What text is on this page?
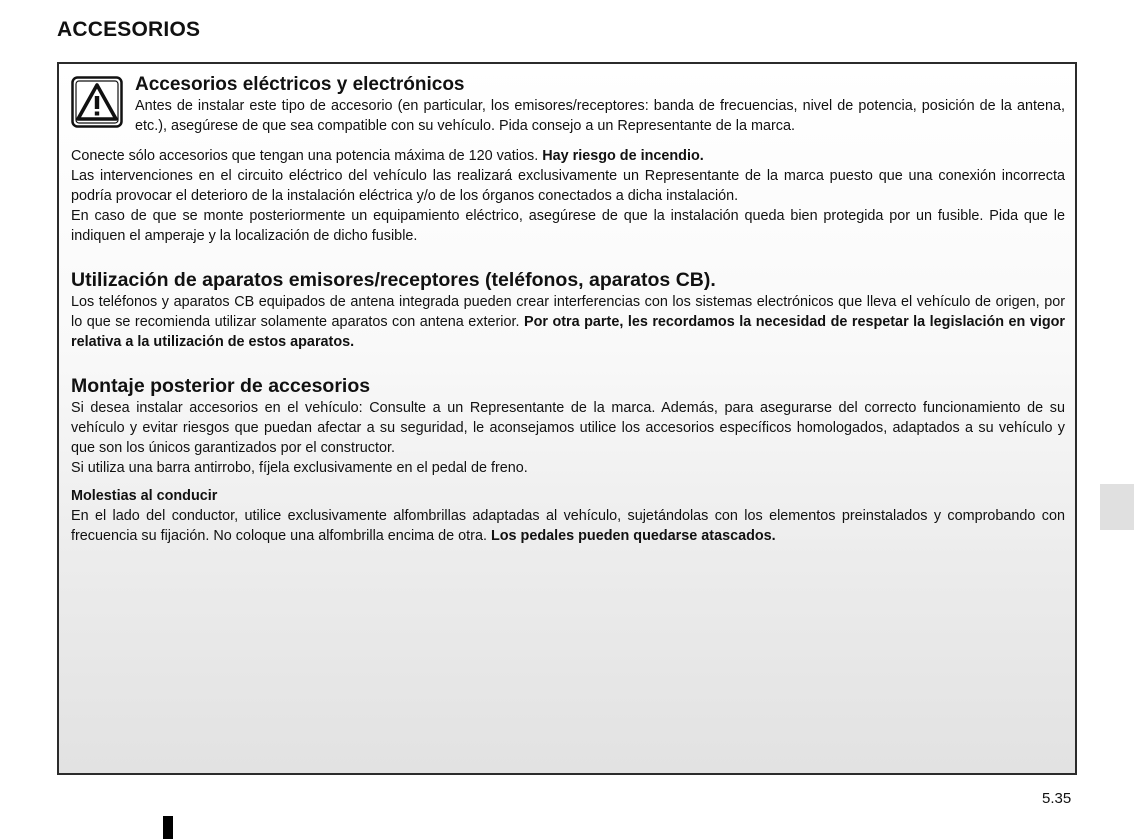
ACCESORIOS

Accesorios eléctricos y electrónicos

Antes de instalar este tipo de accesorio (en particular, los emisores/receptores: banda de frecuencias, nivel de potencia, posición de la antena, etc.), asegúrese de que sea compatible con su vehículo. Pida consejo a un Representante de la marca.

Conecte sólo accesorios que tengan una potencia máxima de 120 vatios. Hay riesgo de incendio.

Las intervenciones en el circuito eléctrico del vehículo las realizará exclusivamente un Representante de la marca puesto que una conexión incorrecta podría provocar el deterioro de la instalación eléctrica y/o de los órganos conectados a dicha instalación.

En caso de que se monte posteriormente un equipamiento eléctrico, asegúrese de que la instalación queda bien protegida por un fusible. Pida que le indiquen el amperaje y la localización de dicho fusible.

Utilización de aparatos emisores/receptores (teléfonos, aparatos CB).

Los teléfonos y aparatos CB equipados de antena integrada pueden crear interferencias con los sistemas electrónicos que lleva el vehículo de origen, por lo que se recomienda utilizar solamente aparatos con antena exterior. Por otra parte, les recordamos la necesidad de respetar la legislación en vigor relativa a la utilización de estos aparatos.

Montaje posterior de accesorios

Si desea instalar accesorios en el vehículo: Consulte a un Representante de la marca. Además, para asegurarse del correcto funcionamiento de su vehículo y evitar riesgos que puedan afectar a su seguridad, le aconsejamos utilice los accesorios específicos homologados, adaptados a su vehículo y que son los únicos garantizados por el constructor.

Si utiliza una barra antirrobo, fíjela exclusivamente en el pedal de freno.

Molestias al conducir

En el lado del conductor, utilice exclusivamente alfombrillas adaptadas al vehículo, sujetándolas con los elementos preinstalados y comprobando con frecuencia su fijación. No coloque una alfombrilla encima de otra. Los pedales pueden quedarse atascados.

5.35
